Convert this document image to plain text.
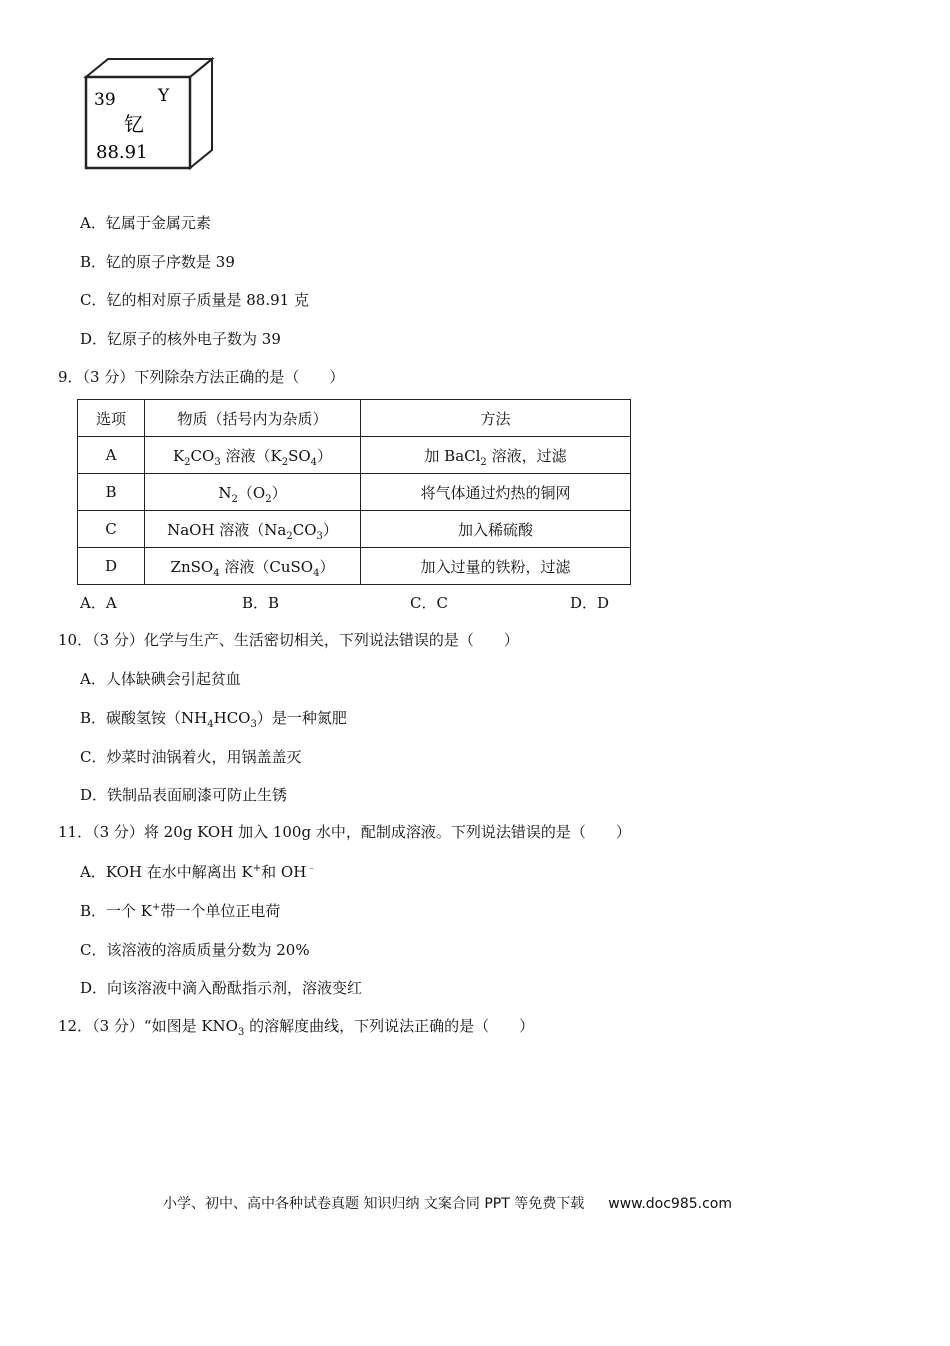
39 Y
钇
88.91
A．钇属于金属元素
B．钇的原子序数是 39
C．钇的相对原子质量是 88.91 克
D．钇原子的核外电子数为 39
9．（3 分）下列除杂方法正确的是（　　）
选项	物质（括号内为杂质）	方法
A	$K_2CO_3$ 溶液$(K_2SO_4)$	加 BaCl$_2$ 溶液，过滤
B	$N_2(O_2)$	将气体通过灼热的铜网
C	NaOH 溶液$(Na_2CO_3)$	加入稀硫酸
D	ZnSO$_4$ 溶液（CuSO$_4$）	加入过量的铁粉，过滤
A．A	B．B	C．C	D．D
10．（3 分）化学与生产、生活密切相关，下列说法错误的是（　　）
A．人体缺碘会引起贫血
B．碳酸氢铵$(NH_4HCO_3)$是一种氮肥
C．炒菜时油锅着火，用锅盖盖灭
D．铁制品表面刷漆可防止生锈
11．（3 分）将 20g KOH 加入 100g 水中，配制成溶液。下列说法错误的是（　　）
A．KOH 在水中解离出 K+和 OH﹣
B．一个 K+带一个单位正电荷
C．该溶液的溶质质量分数为 20%
D．向该溶液中滴入酚酞指示剂，溶液变红
12．（3 分）“如图是 $KNO_3$ 的溶解度曲线，下列说法正确的是（　　）
小学、初中、高中各种试卷真题 知识归纳 文案合同 PPT 等免费下载 www.doc985.com
